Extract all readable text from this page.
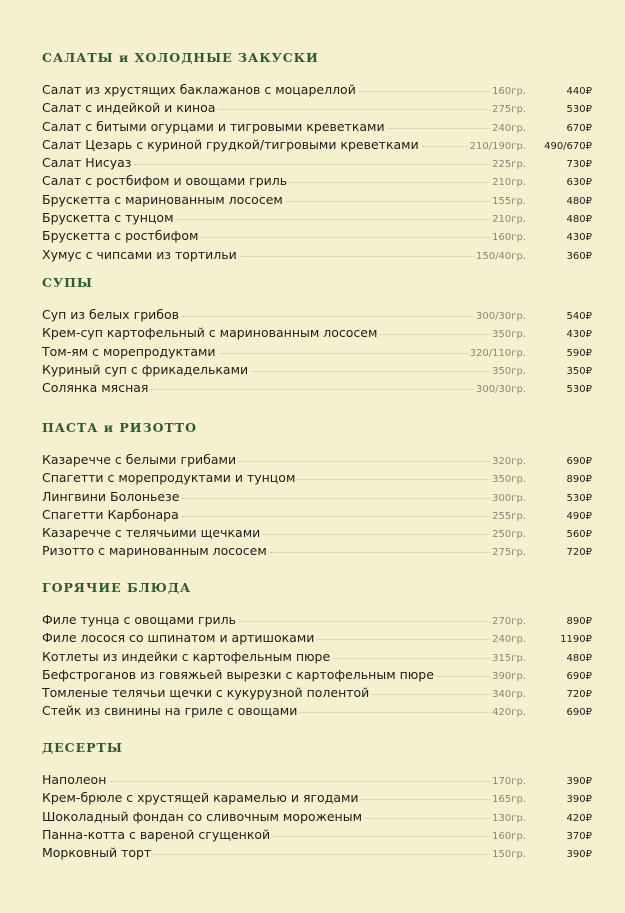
САЛАТЫ и ХОЛОДНЫЕ ЗАКУСКИ
Салат из хрустящих баклажанов с моцареллой	160гр.	440₽
Салат с индейкой и киноа	275гр.	530₽
Салат с битыми огурцами и тигровыми креветками	240гр.	670₽
Салат Цезарь с куриной грудкой/тигровыми креветками	210/190гр.	490/670₽
Салат Нисуаз	225гр.	730₽
Салат с ростбифом и овощами гриль	210гр.	630₽
Брускетта с маринованным лососем	155гр.	480₽
Брускетта с тунцом	210гр.	480₽
Брускетта с ростбифом	160гр.	430₽
Хумус с чипсами из тортильи	150/40гр.	360₽
СУПЫ
Суп из белых грибов	300/30гр.	540₽
Крем-суп картофельный с маринованным лососем	350гр.	430₽
Том-ям с морепродуктами	320/110гр.	590₽
Куриный суп с фрикадельками	350гр.	350₽
Солянка мясная	300/30гр.	530₽
ПАСТА и РИЗОТТО
Казаречче с белыми грибами	320гр.	690₽
Спагетти с морепродуктами и тунцом	350гр.	890₽
Лингвини Болоньезе	300гр.	530₽
Спагетти Карбонара	255гр.	490₽
Казаречче с телячьими щечками	250гр.	560₽
Ризотто с маринованным лососем	275гр.	720₽
ГОРЯЧИЕ БЛЮДА
Филе тунца с овощами гриль	270гр.	890₽
Филе лосося со шпинатом и артишоками	240гр.	1190₽
Котлеты из индейки с картофельным пюре	315гр.	480₽
Бефстроганов из говяжьей вырезки с картофельным пюре	390гр.	690₽
Томленые телячьи щечки с кукурузной полентой	340гр.	720₽
Стейк из свинины на гриле с овощами	420гр.	690₽
ДЕСЕРТЫ
Наполеон	170гр.	390₽
Крем-брюле с хрустящей карамелью и ягодами	165гр.	390₽
Шоколадный фондан со сливочным мороженым	130гр.	420₽
Панна-котта с вареной сгущенкой	160гр.	370₽
Морковный торт	150гр.	390₽
